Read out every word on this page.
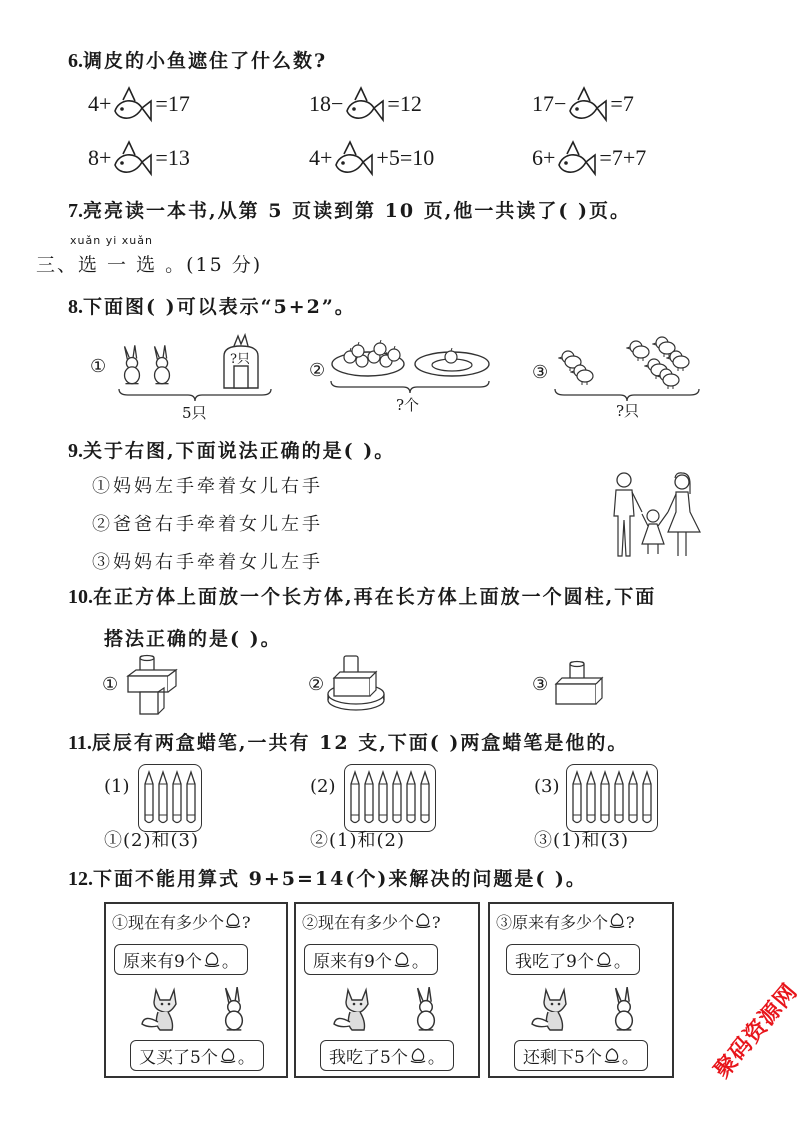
6.调皮的小鱼遮住了什么数?
4+ =17	18− =12	17− =7
8+ =13	4+ +5=10	6+ =7+7
7.亮亮读一本书,从第 5 页读到第 10 页,他一共读了( )页。
xuǎn yi xuǎn
三、选 一 选 。(15 分)
8.下面图( )可以表示“5+2”。
①	?只
5只
②
?个
③
?只
9.关于右图,下面说法正确的是( )。
①妈妈左手牵着女儿右手
②爸爸右手牵着女儿左手
③妈妈右手牵着女儿左手
10.在正方体上面放一个长方体,再在长方体上面放一个圆柱,下面
搭法正确的是( )。
①	②	③
11.辰辰有两盒蜡笔,一共有 12 支,下面( )两盒蜡笔是他的。
(1)	(2)	(3)
①(2)和(3)	②(1)和(2)	③(1)和(3)
12.下面不能用算式 9+5=14(个)来解决的问题是( )。
①现在有多少个 ?
原来有9个 。
又买了5个 。
②现在有多少个 ?
原来有9个 。
我吃了5个 。
③原来有多少个 ?
我吃了9个 。
还剩下5个 。	聚码资源网
